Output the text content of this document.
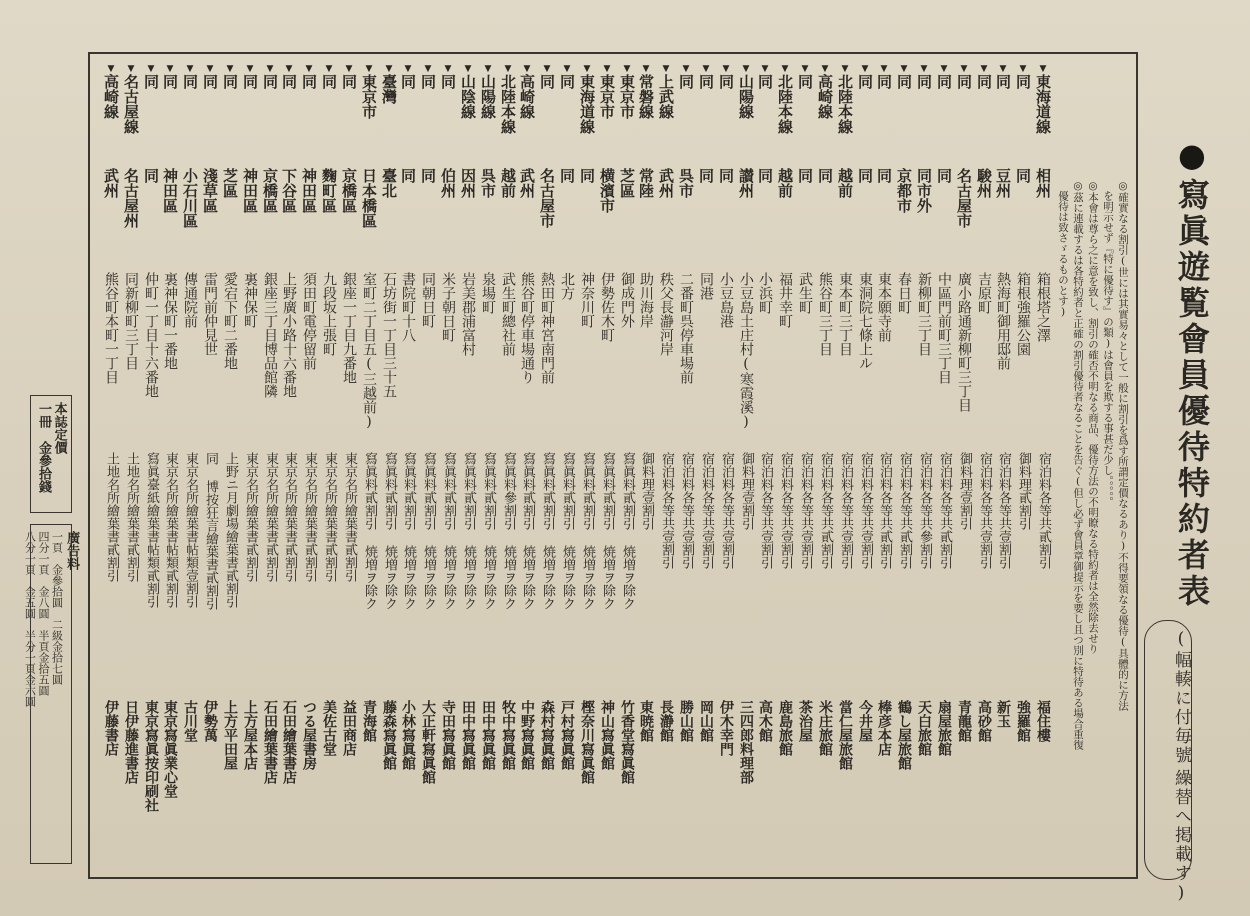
●寫眞遊覧會員優待特約者表
(幅輳に付毎號
繰替へ掲載す)
◎確實なる割引(世には其實易々として一般に割引を爲す所謂定價なるあり)不得要領なる優待(具體的に方法
　を明示せず『特に優待す』の類)は會員を欺する事甚だ少し。。。。。
◎本會は尊ら之に意を致し、割引の確否不明なる商品、優待方法の不明瞭なる特約者は全然除去せり
◎茲に連載するは各特約者と正確の割引優待者なることを告ぐ(但し必ず會員章御提示を要し且つ別に特待ある場合重復
　優待は致さゞるものとす)
▼東海道線
相州
箱根塔之澤
宿泊料各等共貳割引
福住樓
▼同
同
箱根強羅公園
御料理貳割引
強羅館
▼同
豆州
熱海町御用邸前
宿泊料各等共壹割引
新玉
▼同
駿州
吉原町
宿泊料各等共壹割引
高砂館
▼同
名古屋市
廣小路通新柳町三丁目
御料理壹割引
青龍館
▼同
同
中區門前町三丁目
宿泊料各等共貳割引
扇屋旅館
▼同
同市外
新柳町三丁目
宿泊料各等共參割引
天白旅館
▼同
京都市
春日町
宿泊料各等共貳割引
鶴し屋旅館
▼同
同
東本願寺前
宿泊料各等共貳割引
棒彦本店
▼同
同
東洞院七條上ル
宿泊料各等共壹割引
今井屋
▼北陸本線
越前
東本町三丁目
宿泊料各等共壹割引
當仁屋旅館
▼高崎線
同
熊谷町三丁目
宿泊料各等共貳割引
米庄旅館
▼同
同
武生町
宿泊料各等共壹割引
茶治屋
▼北陸本線
越前
福井幸町
宿泊料各等共壹割引
鹿島旅館
▼同
同
小浜町
宿泊料各等共壹割引
高木館
▼山陽線
讃州
小豆島土庄村(寒霞溪)
御料理壹割引
三四郎料理部
▼同
同
小豆島港
宿泊料各等共壹割引
伊木幸門
▼同
同
同港
宿泊料各等共壹割引
岡山館
▼同
呉市
二番町呉停車場前
宿泊料各等共壹割引
勝山館
▼上武線
武州
秩父長瀞河岸
宿泊料各等共壹割引
長瀞館
▼常磐線
常陸
助川海岸
御料理壹割引
東暁館
▼東京市
芝區
御成門外
寫眞料貳割引 焼増ヲ除ク
竹香堂寫眞館
▼東京市
横濱市
伊勢佐木町
寫眞料貳割引 焼増ヲ除ク
神山寫眞館
▼東海道線
同
神奈川町
寫眞料貳割引 焼増ヲ除ク
樫奈川寫眞館
▼同
同
北方
寫眞料貳割引 焼増ヲ除ク
戸村寫眞館
▼同
名古屋市
熱田町神宮南門前
寫眞料貳割引 焼増ヲ除ク
森村寫眞館
▼高崎線
武州
熊谷町停車場通り
寫眞料貳割引 焼増ヲ除ク
中野寫眞館
▼北陸本線
越前
武生町總社前
寫眞料參割引 焼増ヲ除ク
牧中寫眞館
▼山陽線
呉市
泉場町
寫眞料貳割引 焼増ヲ除ク
田中寫眞館
▼山陰線
因州
岩美郡浦富村
寫眞料貳割引 焼増ヲ除ク
田中寫眞館
▼同
伯州
米子朝日町
寫眞料貳割引 焼増ヲ除ク
寺田寫眞館
▼同
同
同朝日町
寫眞料貳割引 焼増ヲ除ク
大正軒寫眞館
▼同
同
書院町十八
寫眞料貳割引 焼増ヲ除ク
小林寫眞館
▼臺灣
臺北
石坊街一丁目三十五
寫眞料貳割引 焼増ヲ除ク
藤森寫眞館
▼東京市
日本橋區
室町二丁目五(三越前)
寫眞料貳割引 焼増ヲ除ク
青海館
▼同
京橋區
銀座一丁目九番地
東京名所繪葉書貳割引
益田商店
▼同
麴町區
九段坂上張町
東京名所繪葉書貳割引
美佐古堂
▼同
神田區
須田町電停留前
東京名所繪葉書貳割引
つる屋書房
▼同
下谷區
上野廣小路十六番地
東京名所繪葉書貳割引
石田繪葉書店
▼同
京橋區
銀座三丁目博品館隣
東京名所繪葉書貳割引
石田繪葉書店
▼同
神田區
裏神保町
東京名所繪葉書貳割引
上方屋本店
▼同
芝區
愛宕下町二番地
上野ニ月劇場繪葉書貳割引
上方平田屋
▼同
淺草區
雷門前仲見世
同 博按狂言繪葉書貳割引
伊勢萬
▼同
小石川區
傳通院前
東京名所繪葉書帖類壹割引
古川堂
▼同
神田區
裏神保町一番地
東京名所繪葉書帖類貳割引
東京寫眞業心堂
▼同
同
仲町一丁目十六番地
寫眞臺紙繪葉書帖類貳割引
東京寫眞按印刷社
▼名古屋線
名古屋州
同新柳町三丁目
土地名所繪葉書貳割引
日伊藤進書店
▼高崎線
武州
熊谷町本町一丁目
土地名所繪葉書貳割引
伊藤書店
本誌定價
一冊　金參拾錢
廣告料
一頁　金參拾圓　二級金拾七圓
四分一頁　金八圓　半頁金拾五圓
八分一頁　金五圓　半分一頁金六圓
